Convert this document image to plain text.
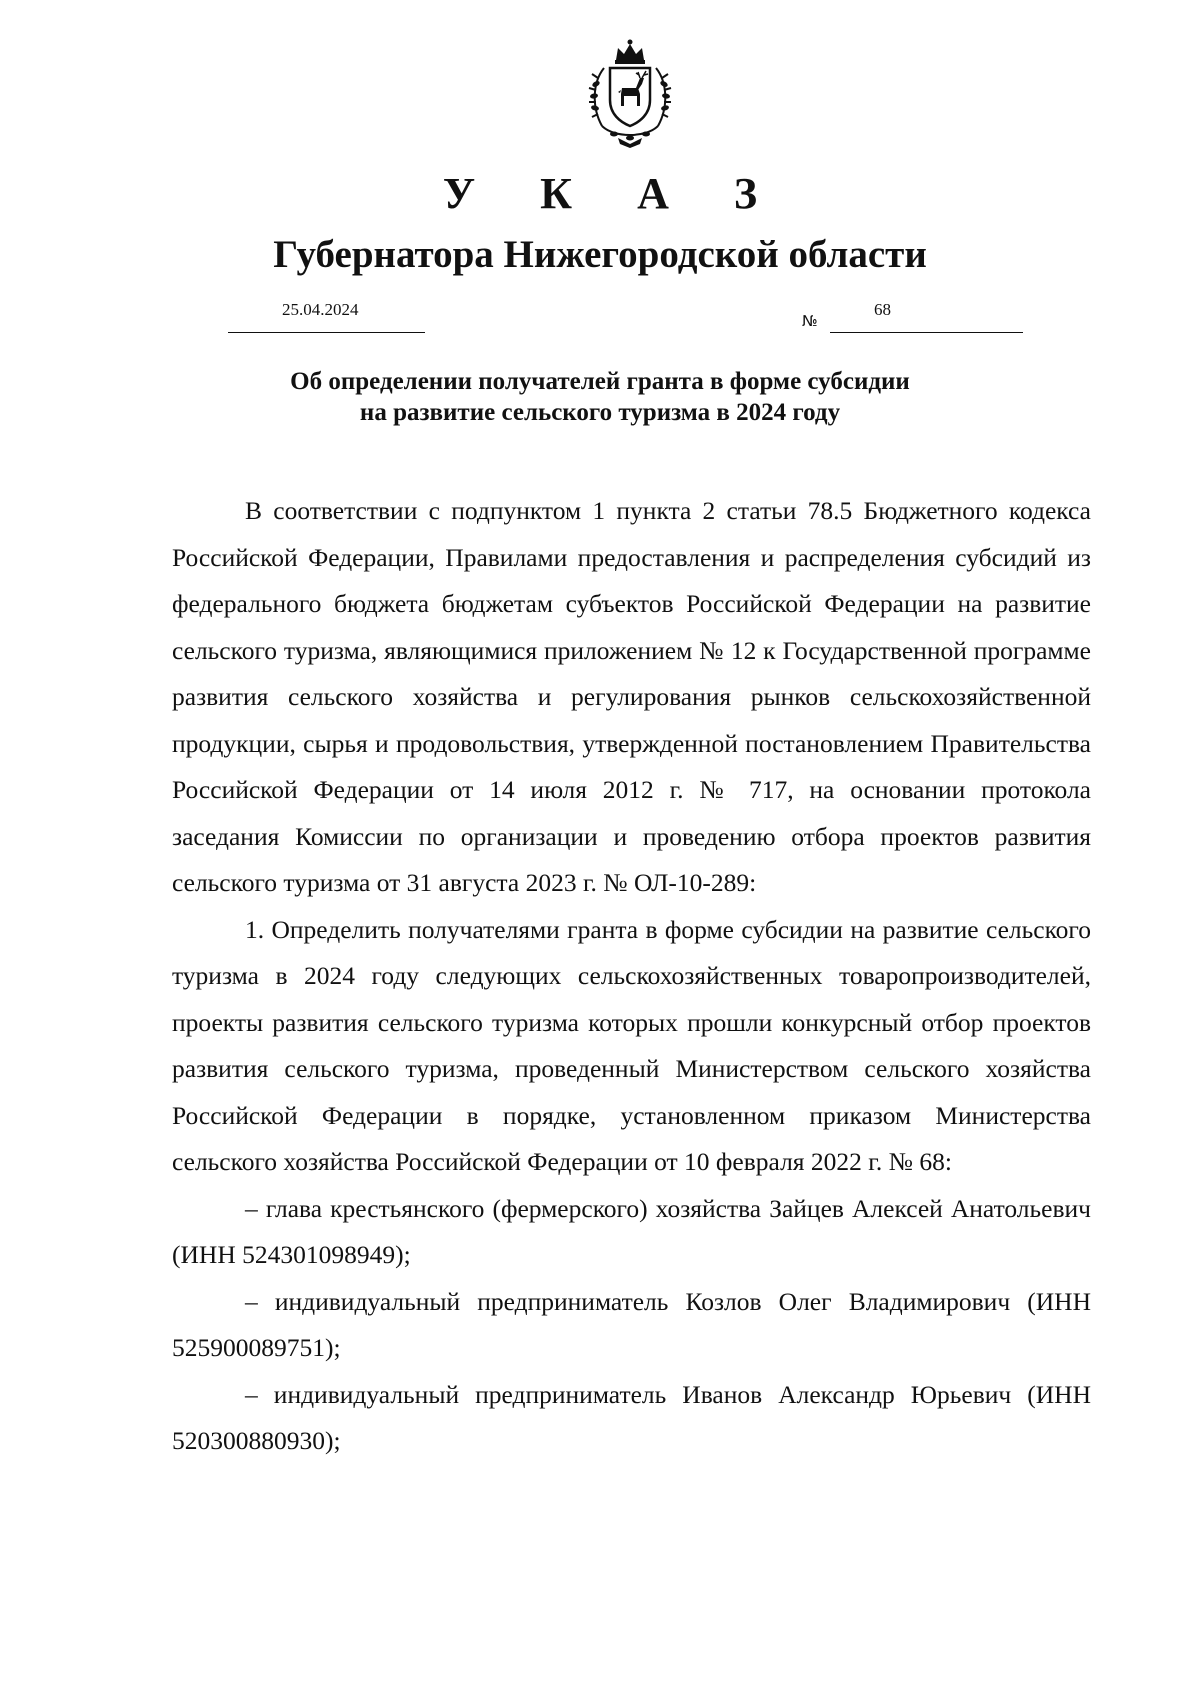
У К А З
Губернатора Нижегородской области
25.04.2024
№
68
Об определении получателей гранта в форме субсидии
на развитие сельского туризма в 2024 году

В соответствии с подпунктом 1 пункта 2 статьи 78.5 Бюджетного кодекса Российской Федерации, Правилами предоставления и распределения субсидий из федерального бюджета бюджетам субъектов Российской Федерации на развитие сельского туризма, являющимися приложением № 12 к Государственной программе развития сельского хозяйства и регулирования рынков сельскохозяйственной продукции, сырья и продовольствия, утвержденной постановлением Правительства Российской Федерации от 14 июля 2012 г. № 717, на основании протокола заседания Комиссии по организации и проведению отбора проектов развития сельского туризма от 31 августа 2023 г. № ОЛ-10-289:

1. Определить получателями гранта в форме субсидии на развитие сельского туризма в 2024 году следующих сельскохозяйственных товаропроизводителей, проекты развития сельского туризма которых прошли конкурсный отбор проектов развития сельского туризма, проведенный Министерством сельского хозяйства Российской Федерации в порядке, установленном приказом Министерства сельского хозяйства Российской Федерации от 10 февраля 2022 г. № 68:

– глава крестьянского (фермерского) хозяйства Зайцев Алексей Анатольевич (ИНН 524301098949);

– индивидуальный предприниматель Козлов Олег Владимирович (ИНН 525900089751);

– индивидуальный предприниматель Иванов Александр Юрьевич (ИНН 520300880930);
